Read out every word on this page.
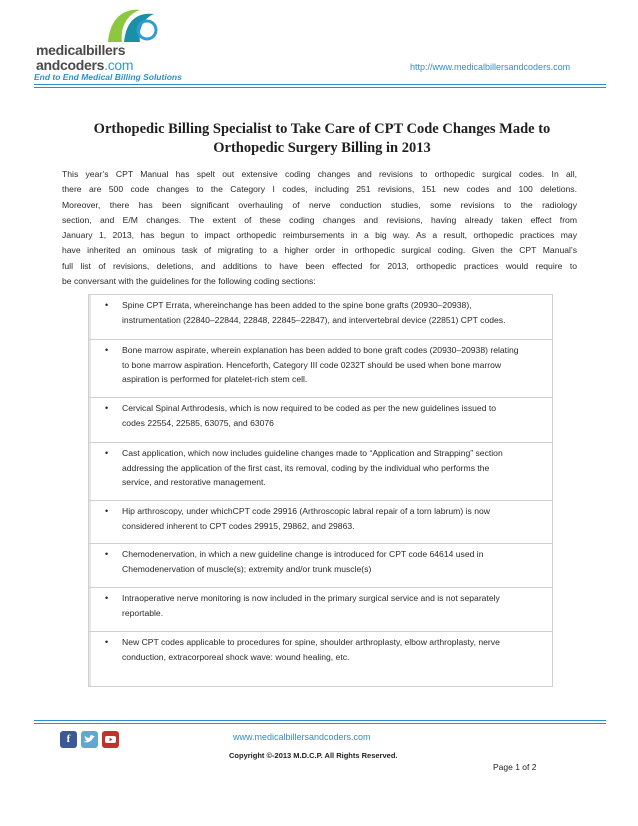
medicalbillers
andcoders.com
End to End Medical Billing Solutions
http://www.medicalbillersandcoders.com
Orthopedic Billing Specialist to Take Care of CPT Code Changes Made to
Orthopedic Surgery Billing in 2013
This year’s CPT Manual has spelt out extensive coding changes and revisions to orthopedic surgical codes. In all,
there are 500 code changes to the Category I codes, including 251 revisions, 151 new codes and 100 deletions.
Moreover, there has been significant overhauling of nerve conduction studies, some revisions to the radiology
section, and E/M changes. The extent of these coding changes and revisions, having already taken effect from
January 1, 2013, has begun to impact orthopedic reimbursements in a big way. As a result, orthopedic practices may
have inherited an ominous task of migrating to a higher order in orthopedic surgical coding. Given the CPT Manual’s
full list of revisions, deletions, and additions to have been effected for 2013, orthopedic practices would require to
be conversant with the guidelines for the following coding sections:
• Spine CPT Errata, whereinchange has been added to the spine bone grafts (20930–20938),
instrumentation (22840–22844, 22848, 22845–22847), and intervertebral device (22851) CPT codes.
• Bone marrow aspirate, wherein explanation has been added to bone graft codes (20930–20938) relating
to bone marrow aspiration. Henceforth, Category III code 0232T should be used when bone marrow
aspiration is performed for platelet-rich stem cell.
• Cervical Spinal Arthrodesis, which is now required to be coded as per the new guidelines issued to
codes 22554, 22585, 63075, and 63076
• Cast application, which now includes guideline changes made to “Application and Strapping” section
addressing the application of the first cast, its removal, coding by the individual who performs the
service, and restorative management.
• Hip arthroscopy, under whichCPT code 29916 (Arthroscopic labral repair of a torn labrum) is now
considered inherent to CPT codes 29915, 29862, and 29863.
• Chemodenervation, in which a new guideline change is introduced for CPT code 64614 used in
Chemodenervation of muscle(s); extremity and/or trunk muscle(s)
• Intraoperative nerve monitoring is now included in the primary surgical service and is not separately
reportable.
• New CPT codes applicable to procedures for spine, shoulder arthroplasty, elbow arthroplasty, nerve
conduction, extracorporeal shock wave: wound healing, etc.
f	www.medicalbillersandcoders.com
Copyright ©-2013 M.D.C.P. All Rights Reserved.
Page 1 of 2
